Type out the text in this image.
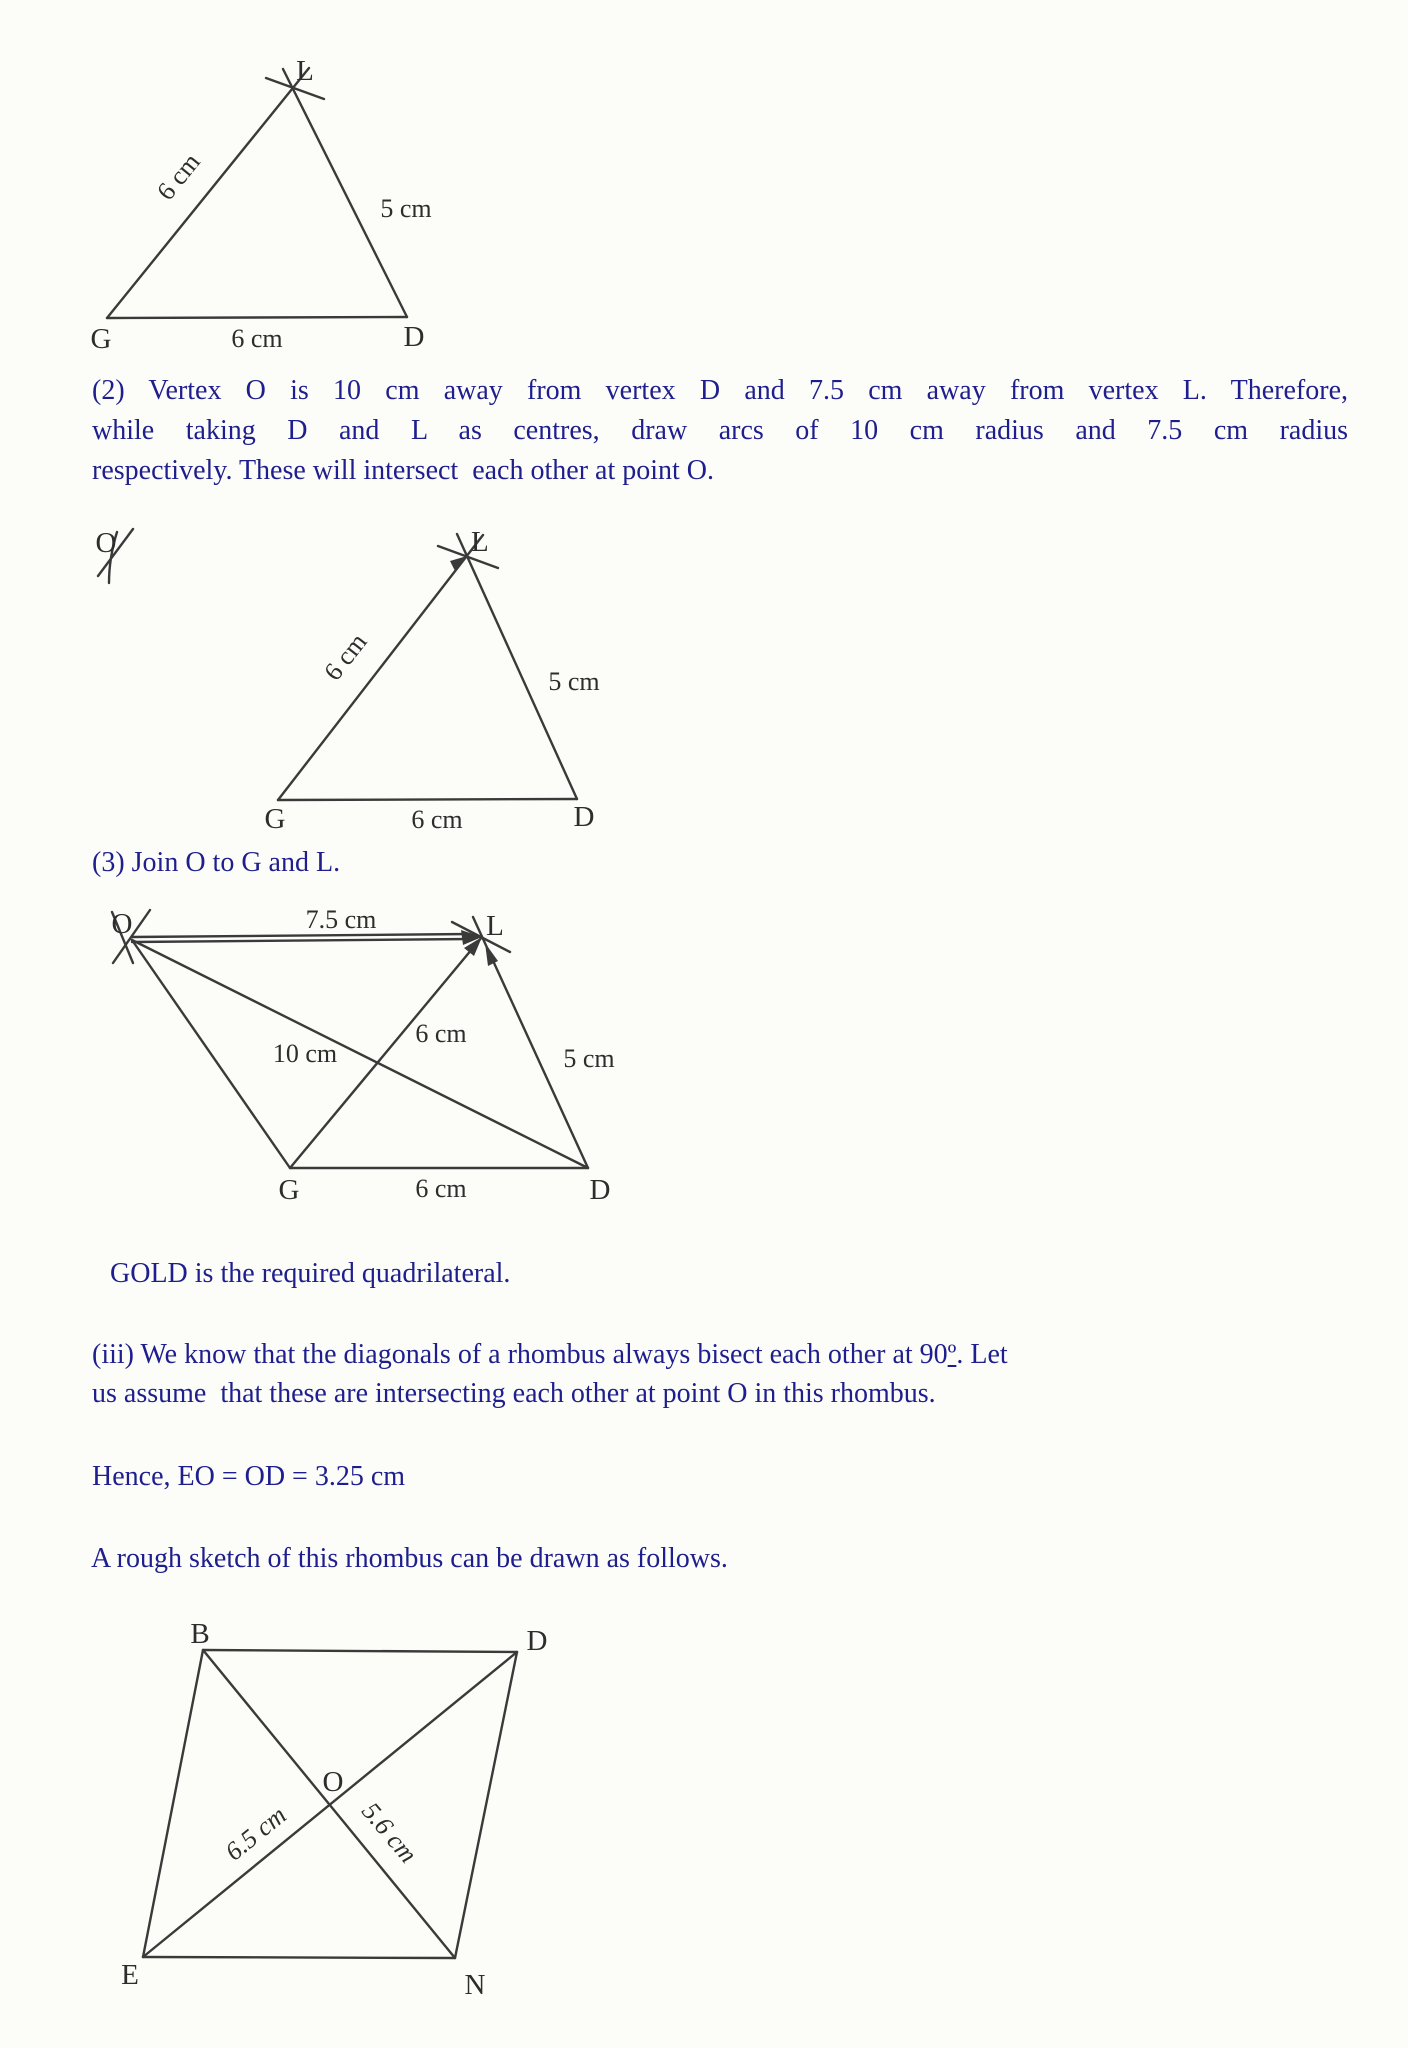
L
G	D
6 cm
5 cm
6 cm
(2) Vertex O is 10 cm away from vertex D and 7.5 cm away from vertex L. Therefore,
while taking D and L as centres, draw arcs of 10 cm radius and 7.5 cm radius
respectively. These will intersect  each other at point O.
O	L
G	D
6 cm	5 cm
6 cm
(3) Join O to G and L.
O	L
G	D
7.5 cm
10 cm
6 cm
5 cm
6 cm
GOLD is the required quadrilateral.
(iii) We know that the diagonals of a rhombus always bisect each other at 90º. Let
us assume  that these are intersecting each other at point O in this rhombus.
Hence, EO = OD = 3.25 cm
A rough sketch of this rhombus can be drawn as follows.
B	D
E	N
O
6.5 cm 5.6 cm
